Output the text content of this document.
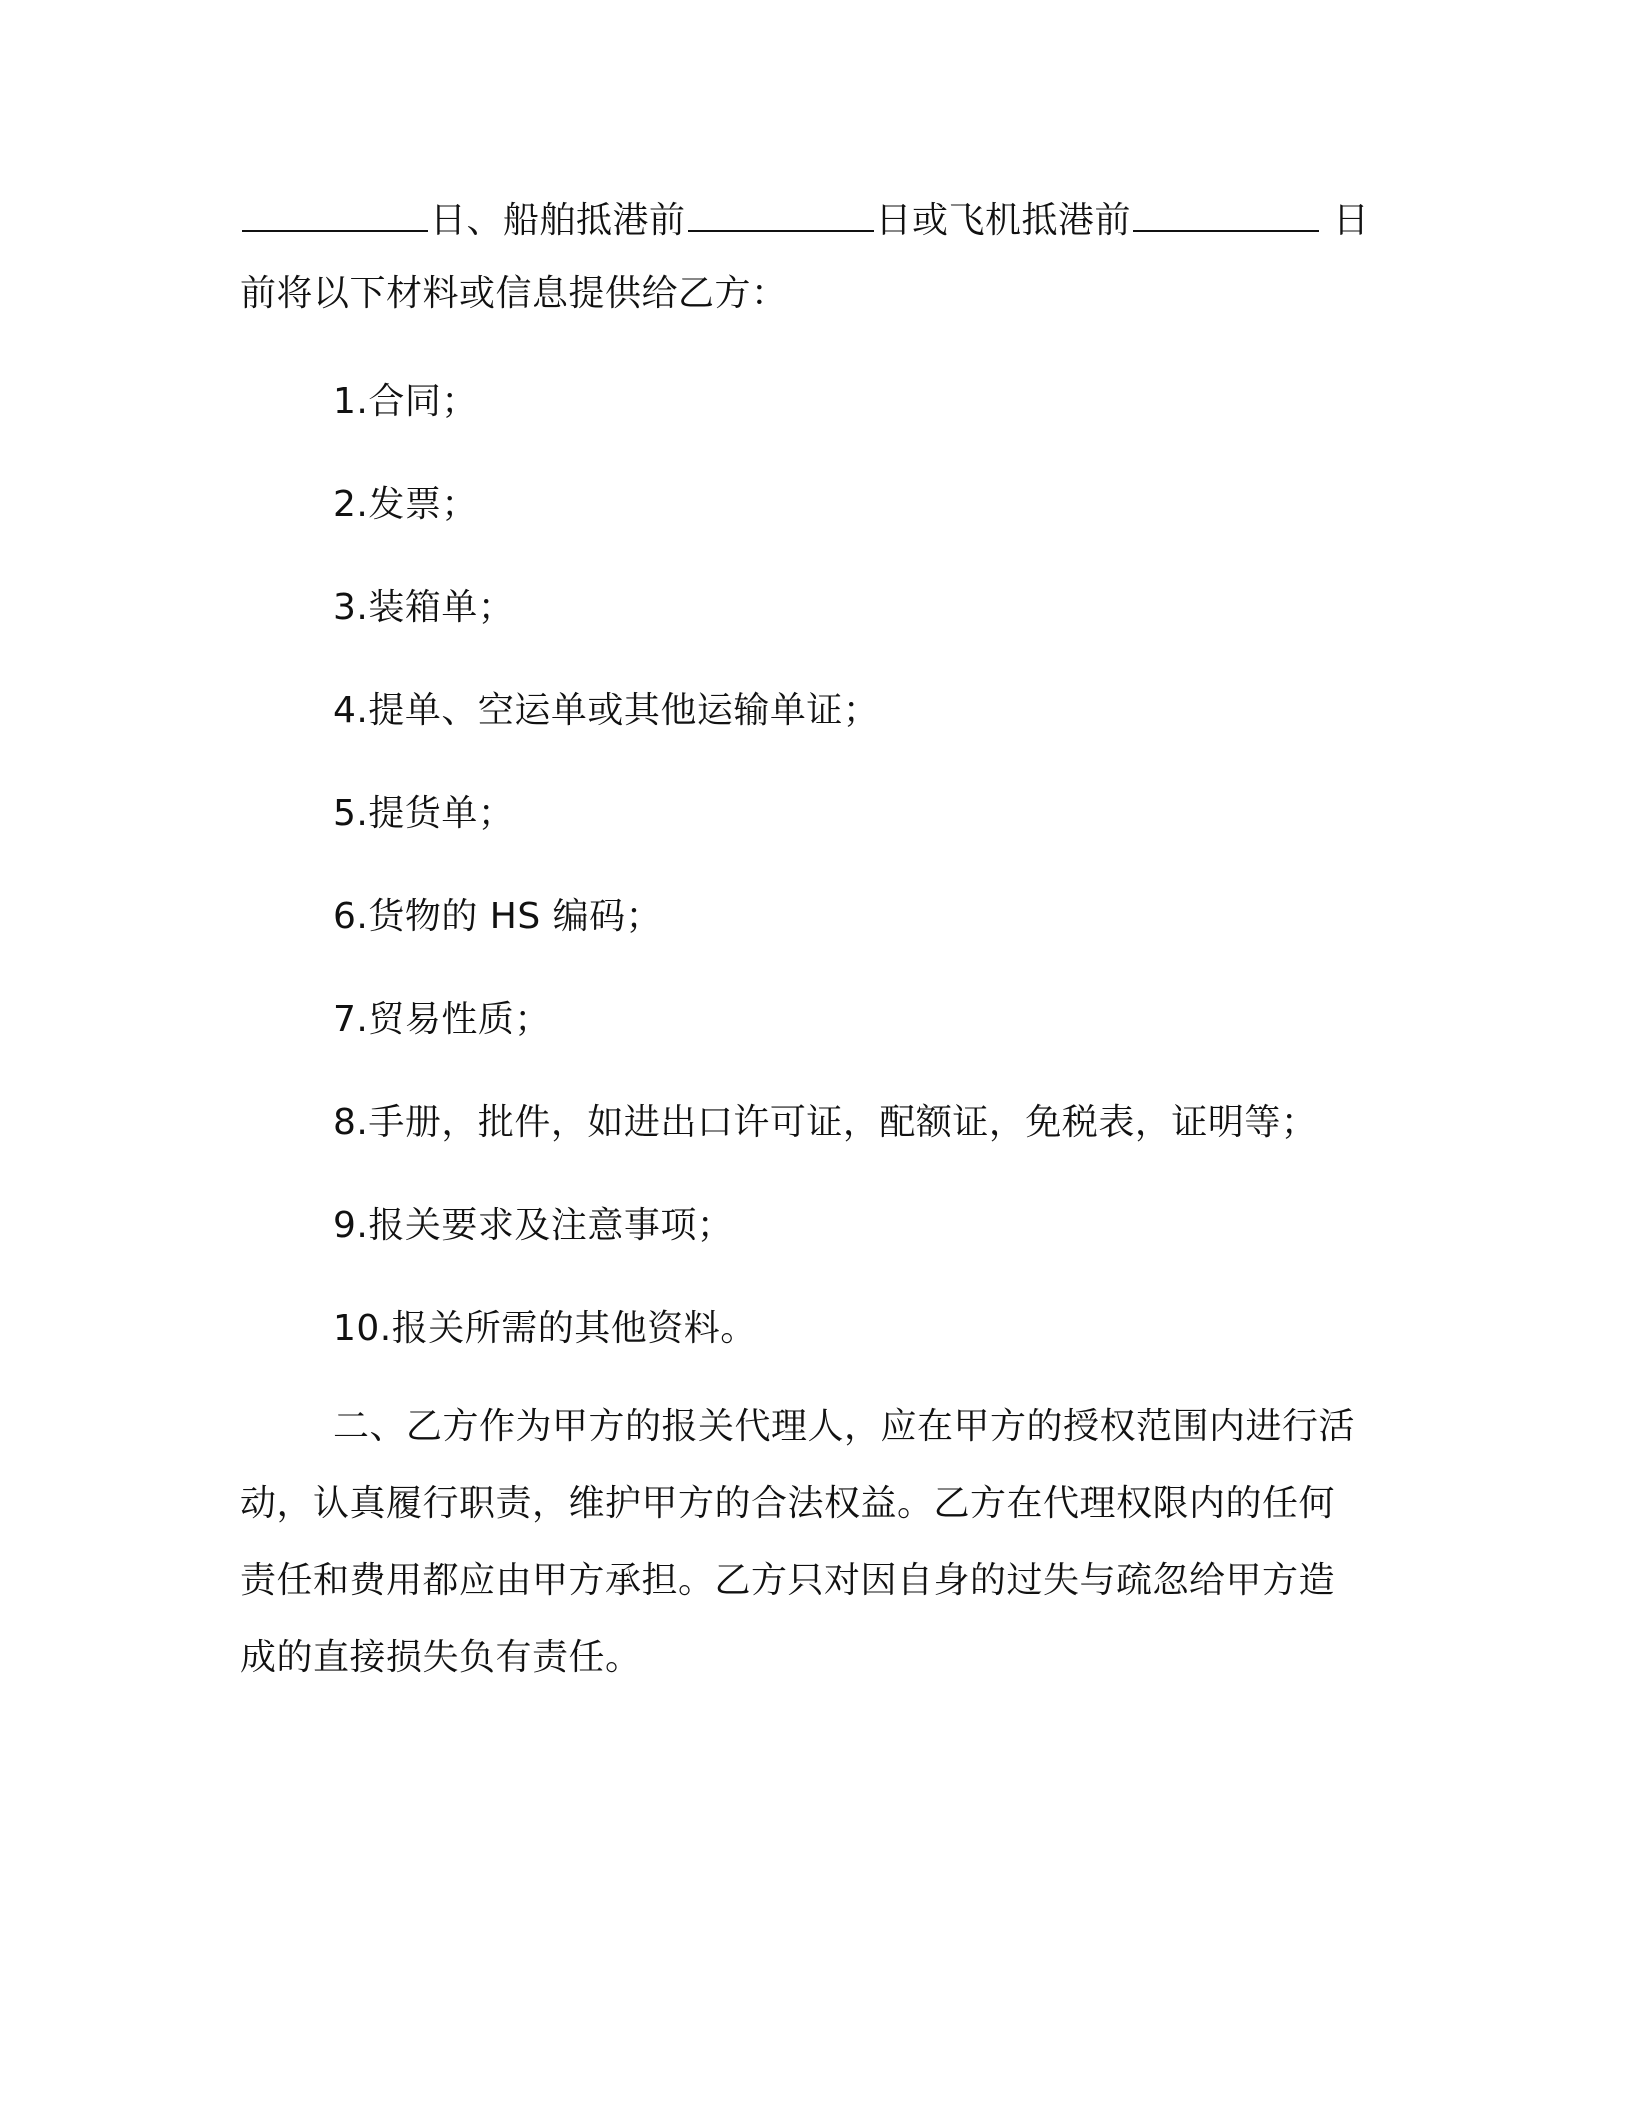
日、船舶抵港前	日或飞机抵港前	日
前将以下材料或信息提供给乙方：
1.合同；
2.发票；
3.装箱单；
4.提单、空运单或其他运输单证；
5.提货单；
6.货物的 HS 编码；
7.贸易性质；
8.手册，批件，如进出口许可证，配额证，免税表，证明等；
9.报关要求及注意事项；
10.报关所需的其他资料。
二、乙方作为甲方的报关代理人，应在甲方的授权范围内进行活
动，认真履行职责，维护甲方的合法权益。乙方在代理权限内的任何
责任和费用都应由甲方承担。乙方只对因自身的过失与疏忽给甲方造
成的直接损失负有责任。
